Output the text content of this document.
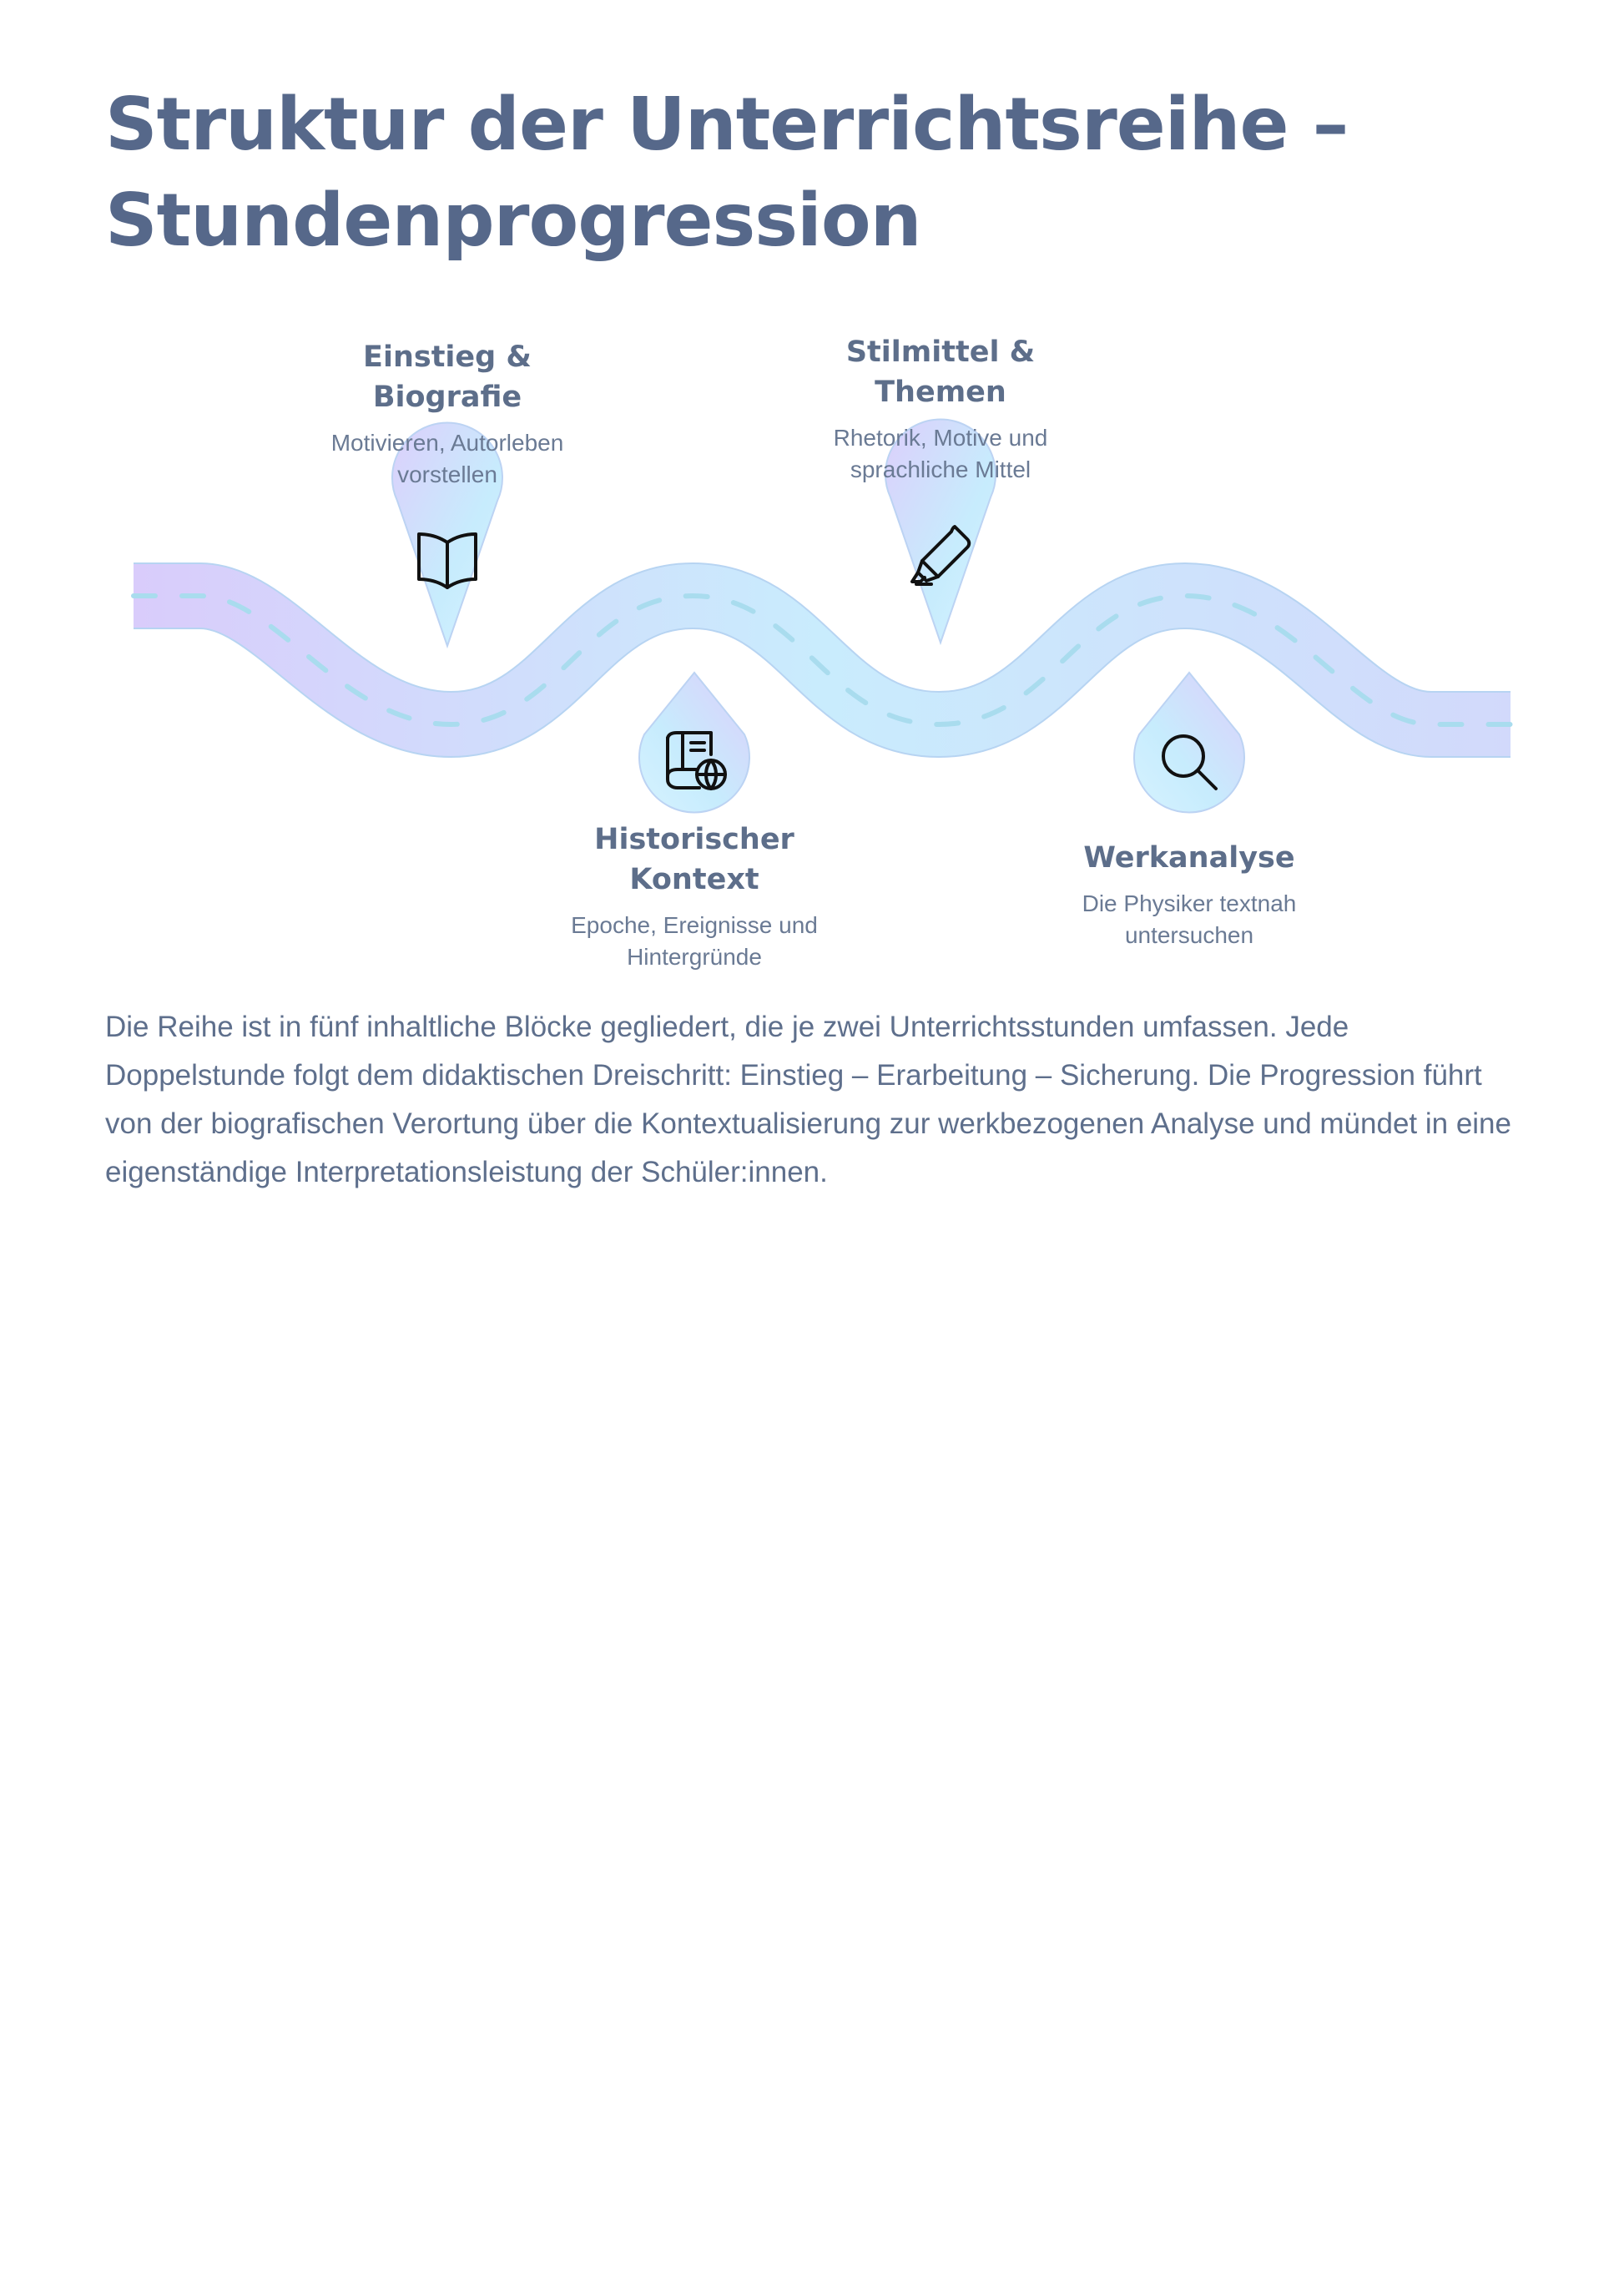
Struktur der Unterrichtsreihe – Stundenprogression
Einstieg & Biografie
Motivieren, Autorleben vorstellen
Historischer Kontext
Epoche, Ereignisse und Hintergründe
Stilmittel & Themen
Rhetorik, Motive und sprachliche Mittel
Werkanalyse
Die Physiker textnah untersuchen

Die Reihe ist in fünf inhaltliche Blöcke gegliedert, die je zwei Unterrichtsstunden umfassen. Jede Doppelstunde folgt dem didaktischen Dreischritt: Einstieg – Erarbeitung – Sicherung. Die Progression führt von der biografischen Verortung über die Kontextualisierung zur werkbezogenen Analyse und mündet in eine eigenständige Interpretationsleistung der Schüler:innen.
